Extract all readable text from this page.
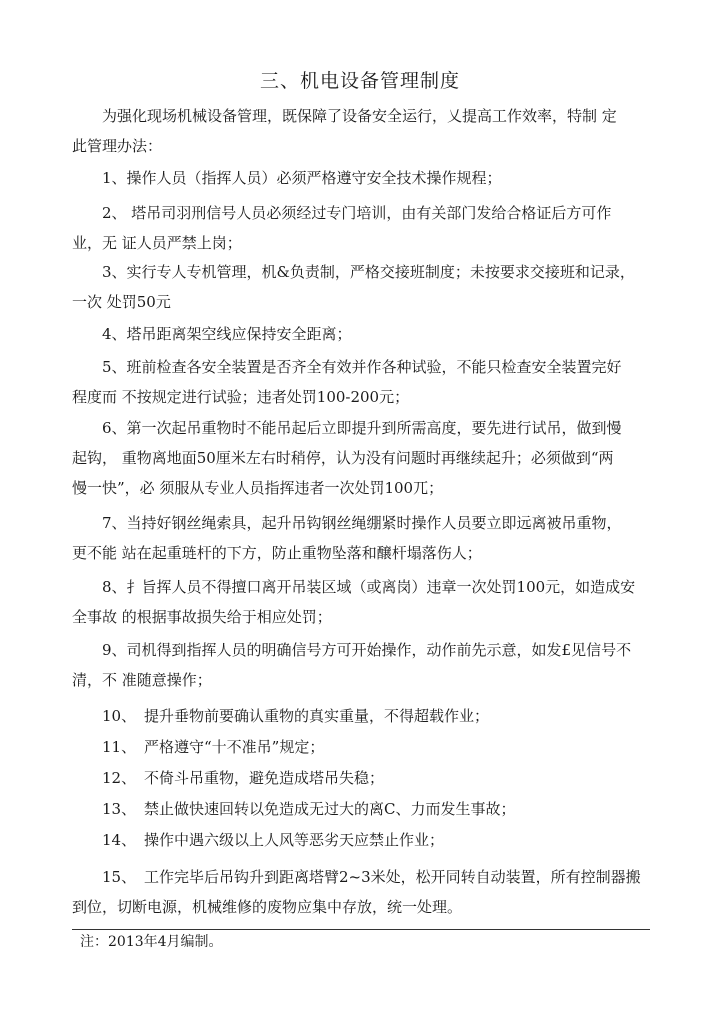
三、机电设备管理制度
为强化现场机械设备管理，既保障了设备安全运行，乂提高工作效率，特制 定
此管理办法：
1、操作人员（指挥人员）必须严格遵守安全技术操作规程；
2、 塔吊司羽刑信号人员必须经过专门培训，由有关部门发给合格证后方可作
业，无 证人员严禁上岗；
3、实行专人专机管理，机&负责制，严格交接班制度；未按要求交接班和记录，
一次 处罚50元
4、塔吊距离架空线应保持安全距离；
5、班前检查各安全装置是否齐全有效并作各种试验，不能只检查安全装置完好
程度而 不按规定进行试验；违者处罚100-200元；
6、第一次起吊重物时不能吊起后立即提升到所需高度，要先进行试吊，做到慢
起钩， 重物离地面50厘米左右时稍停，认为没有问题时再继续起升；必须做到“两
慢一快”，必 须服从专业人员指挥违者一次处罚100兀；
7、当持好钢丝绳索具，起升吊钩钢丝绳绷紧时操作人员要立即远离被吊重物，
更不能 站在起重琏杆的下方，防止重物坠落和醸杆塌落伤人；
8、扌旨挥人员不得擅口离开吊装区域（或离岗）违章一次处罚100元，如造成安
全事故 的根据事故损失给于相应处罚；
9、司机得到指挥人员的明确信号方可开始操作，动作前先示意，如发£见信号不
清，不 准随意操作；
10、 提升垂物前要确认重物的真实重量，不得超载作业；
11、 严格遵守“十不准吊”规定；
12、 不倚斗吊重物，避免造成塔吊失稳；
13、 禁止做快速回转以免造成无过大的离C、力而发生事故；
14、 操作中遇六级以上人风等恶劣天应禁止作业；
15、 工作完毕后吊钩升到距离塔臂2~3米处，松开同转自动装置，所有控制器搬
到位，切断电源，机械维修的废物应集中存放，统一处理。
注：2013年4月编制。
